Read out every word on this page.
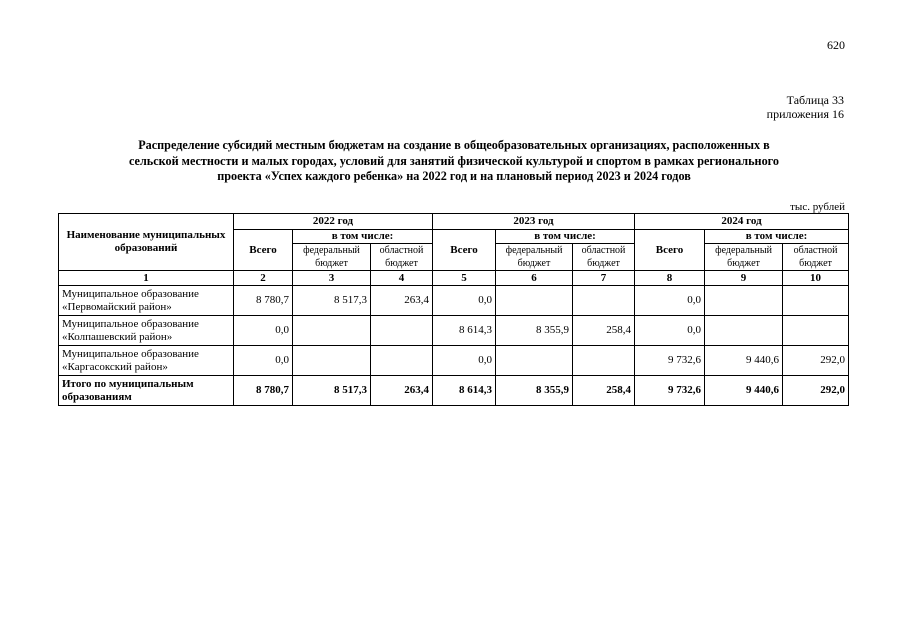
620
Таблица 33
приложения 16
Распределение субсидий местным бюджетам на создание в общеобразовательных организациях, расположенных в
сельской местности и малых городах, условий для занятий физической культурой и спортом в рамках регионального
проекта «Успех каждого ребенка» на 2022 год и на плановый период 2023 и 2024 годов
тыс. рублей
Наименование муниципальных образований	2022 год			2023 год			2024 год		
	Всего	в том числе:		Всего	в том числе:		Всего	в том числе:	
		федеральный бюджет	областной бюджет		федеральный бюджет	областной бюджет		федеральный бюджет	областной бюджет
1	2	3	4	5	6	7	8	9	10
Муниципальное образование «Первомайский район»	8 780,7	8 517,3	263,4	0,0			0,0		
Муниципальное образование «Колпашевский район»	0,0			8 614,3	8 355,9	258,4	0,0		
Муниципальное образование «Каргасокский район»	0,0			0,0			9 732,6	9 440,6	292,0
Итого по муниципальным образованиям	8 780,7	8 517,3	263,4	8 614,3	8 355,9	258,4	9 732,6	9 440,6	292,0
